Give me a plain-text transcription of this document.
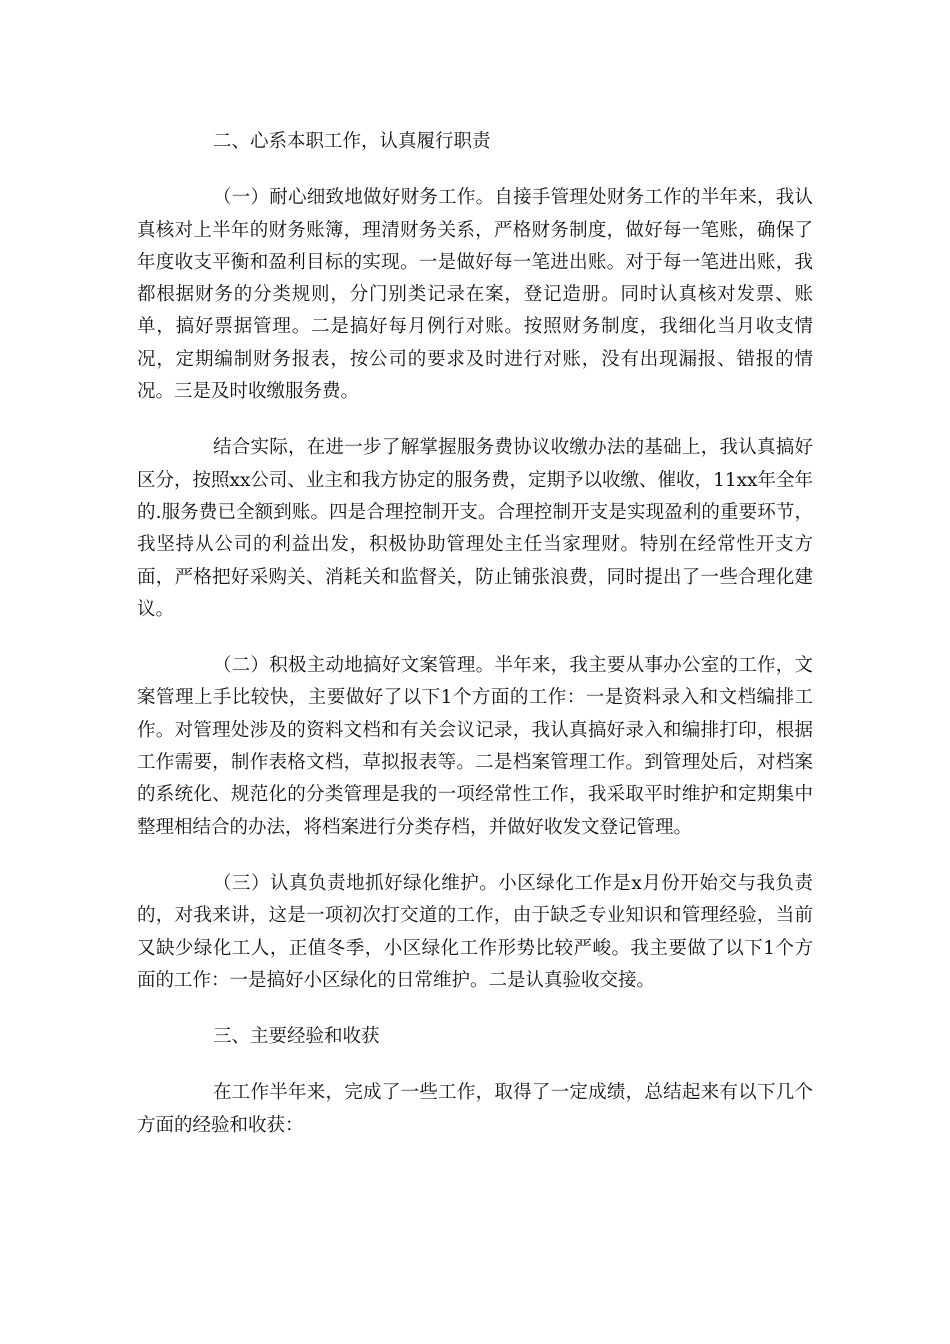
二、心系本职工作，认真履行职责

（一）耐心细致地做好财务工作。自接手管理处财务工作的半年来，我认真核对上半年的财务账簿，理清财务关系，严格财务制度，做好每一笔账，确保了年度收支平衡和盈利目标的实现。一是做好每一笔进出账。对于每一笔进出账，我都根据财务的分类规则，分门别类记录在案，登记造册。同时认真核对发票、账单，搞好票据管理。二是搞好每月例行对账。按照财务制度，我细化当月收支情况，定期编制财务报表，按公司的要求及时进行对账，没有出现漏报、错报的情况。三是及时收缴服务费。

结合实际，在进一步了解掌握服务费协议收缴办法的基础上，我认真搞好区分，按照xx公司、业主和我方协定的服务费，定期予以收缴、催收，11xx年全年的.服务费已全额到账。四是合理控制开支。合理控制开支是实现盈利的重要环节，我坚持从公司的利益出发，积极协助管理处主任当家理财。特别在经常性开支方面，严格把好采购关、消耗关和监督关，防止铺张浪费，同时提出了一些合理化建议。

（二）积极主动地搞好文案管理。半年来，我主要从事办公室的工作，文案管理上手比较快，主要做好了以下1个方面的工作：一是资料录入和文档编排工作。对管理处涉及的资料文档和有关会议记录，我认真搞好录入和编排打印，根据工作需要，制作表格文档，草拟报表等。二是档案管理工作。到管理处后，对档案的系统化、规范化的分类管理是我的一项经常性工作，我采取平时维护和定期集中整理相结合的办法，将档案进行分类存档，并做好收发文登记管理。

（三）认真负责地抓好绿化维护。小区绿化工作是x月份开始交与我负责的，对我来讲，这是一项初次打交道的工作，由于缺乏专业知识和管理经验，当前又缺少绿化工人，正值冬季，小区绿化工作形势比较严峻。我主要做了以下1个方面的工作：一是搞好小区绿化的日常维护。二是认真验收交接。

三、主要经验和收获

在工作半年来，完成了一些工作，取得了一定成绩，总结起来有以下几个方面的经验和收获：
